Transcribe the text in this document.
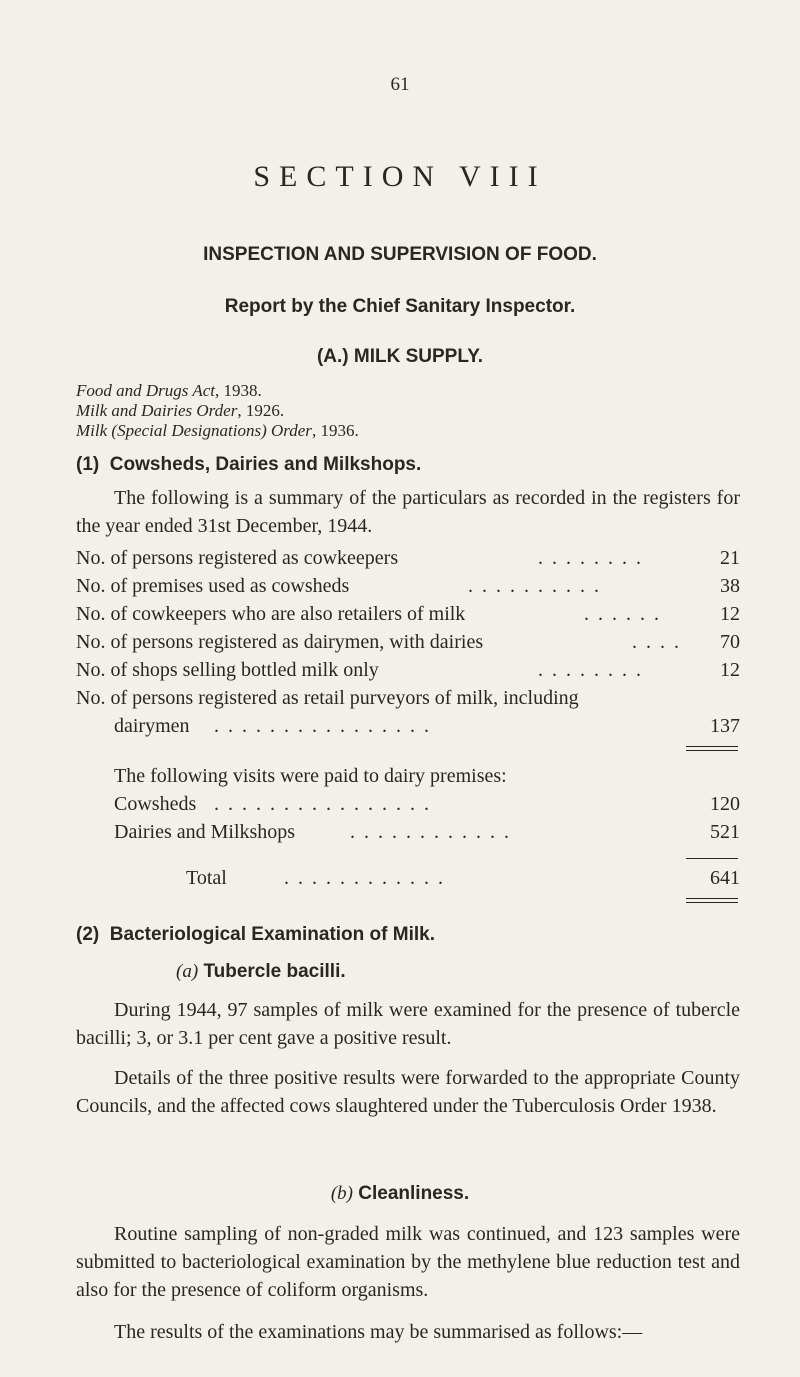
61
SECTION VIII
INSPECTION AND SUPERVISION OF FOOD.
Report by the Chief Sanitary Inspector.
(A.) MILK SUPPLY.
Food and Drugs Act, 1938.
Milk and Dairies Order, 1926.
Milk (Special Designations) Order, 1936.
(1) Cowsheds, Dairies and Milkshops.
The following is a summary of the particulars as recorded in the registers for the year ended 31st December, 1944.
No. of persons registered as cowkeepers	. . . . . . . .	21
No. of premises used as cowsheds	. . . . . . . . . .	38
No. of cowkeepers who are also retailers of milk	. . . . . .	12
No. of persons registered as dairymen, with dairies	. . . .	70
No. of shops selling bottled milk only	. . . . . . . .	12
No. of persons registered as retail purveyors of milk, including
dairymen . . . . . . . . . . . . . . . .	137
The following visits were paid to dairy premises:
Cowsheds . . . . . . . . . . . . . . . .	120
Dairies and Milkshops	. . . . . . . . . . . .	521
Total	. . . . . . . . . . . .	641
(2) Bacteriological Examination of Milk.
(a) Tubercle bacilli.
During 1944, 97 samples of milk were examined for the presence of tubercle bacilli; 3, or 3.1 per cent gave a positive result.
Details of the three positive results were forwarded to the appropriate County Councils, and the affected cows slaughtered under the Tuberculosis Order 1938.
(b) Cleanliness.
Routine sampling of non-graded milk was continued, and 123 samples were submitted to bacteriological examination by the methylene blue reduction test and also for the presence of coliform organisms.
The results of the examinations may be summarised as follows:—
